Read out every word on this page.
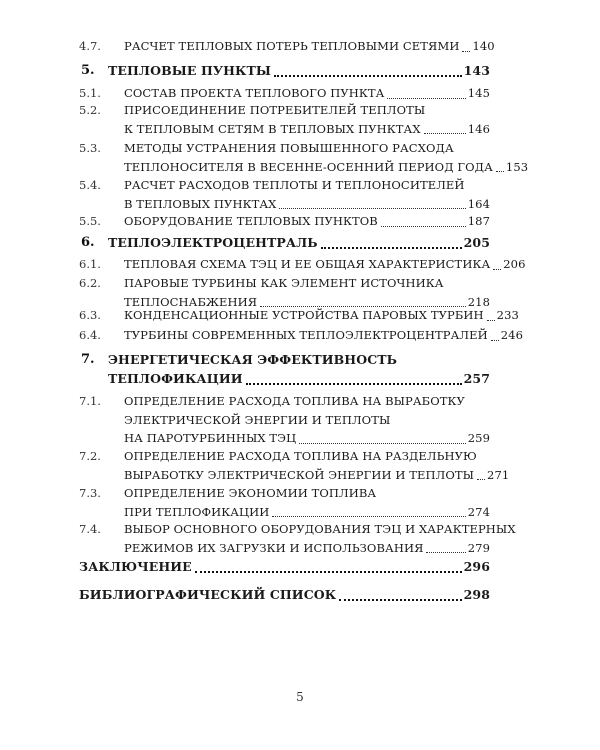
4.7. РАСЧЕТ ТЕПЛОВЫХ ПОТЕРЬ ТЕПЛОВЫМИ СЕТЯМИ 140
5. ТЕПЛОВЫЕ ПУНКТЫ	143
5.1. СОСТАВ ПРОЕКТА ТЕПЛОВОГО ПУНКТА	145
5.2. ПРИСОЕДИНЕНИЕ ПОТРЕБИТЕЛЕЙ ТЕПЛОТЫ
К ТЕПЛОВЫМ СЕТЯМ В ТЕПЛОВЫХ ПУНКТАХ	146
5.3. МЕТОДЫ УСТРАНЕНИЯ ПОВЫШЕННОГО РАСХОДА
ТЕПЛОНОСИТЕЛЯ В ВЕСЕННЕ-ОСЕННИЙ ПЕРИОД ГОДА 153
5.4. РАСЧЕТ РАСХОДОВ ТЕПЛОТЫ И ТЕПЛОНОСИТЕЛЕЙ
В ТЕПЛОВЫХ ПУНКТАХ	164
5.5. ОБОРУДОВАНИЕ ТЕПЛОВЫХ ПУНКТОВ	187
6. ТЕПЛОЭЛЕКТРОЦЕНТРАЛЬ	205
6.1. ТЕПЛОВАЯ СХЕМА ТЭЦ И ЕЕ ОБЩАЯ ХАРАКТЕРИСТИКА 206
6.2. ПАРОВЫЕ ТУРБИНЫ КАК ЭЛЕМЕНТ ИСТОЧНИКА
ТЕПЛОСНАБЖЕНИЯ	218
6.3. КОНДЕНСАЦИОННЫЕ УСТРОЙСТВА ПАРОВЫХ ТУРБИН 233
6.4. ТУРБИНЫ СОВРЕМЕННЫХ ТЕПЛОЭЛЕКТРОЦЕНТРАЛЕЙ 246
7. ЭНЕРГЕТИЧЕСКАЯ ЭФФЕКТИВНОСТЬ
ТЕПЛОФИКАЦИИ	257
7.1. ОПРЕДЕЛЕНИЕ РАСХОДА ТОПЛИВА НА ВЫРАБОТКУ
ЭЛЕКТРИЧЕСКОЙ ЭНЕРГИИ И ТЕПЛОТЫ
НА ПАРОТУРБИННЫХ ТЭЦ	259
7.2. ОПРЕДЕЛЕНИЕ РАСХОДА ТОПЛИВА НА РАЗДЕЛЬНУЮ
ВЫРАБОТКУ ЭЛЕКТРИЧЕСКОЙ ЭНЕРГИИ И ТЕПЛОТЫ 271
7.3. ОПРЕДЕЛЕНИЕ ЭКОНОМИИ ТОПЛИВА
ПРИ ТЕПЛОФИКАЦИИ	274
7.4. ВЫБОР ОСНОВНОГО ОБОРУДОВАНИЯ ТЭЦ И ХАРАКТЕРНЫХ
РЕЖИМОВ ИХ ЗАГРУЗКИ И ИСПОЛЬЗОВАНИЯ	279
ЗАКЛЮЧЕНИЕ	296
БИБЛИОГРАФИЧЕСКИЙ СПИСОК	298
5
